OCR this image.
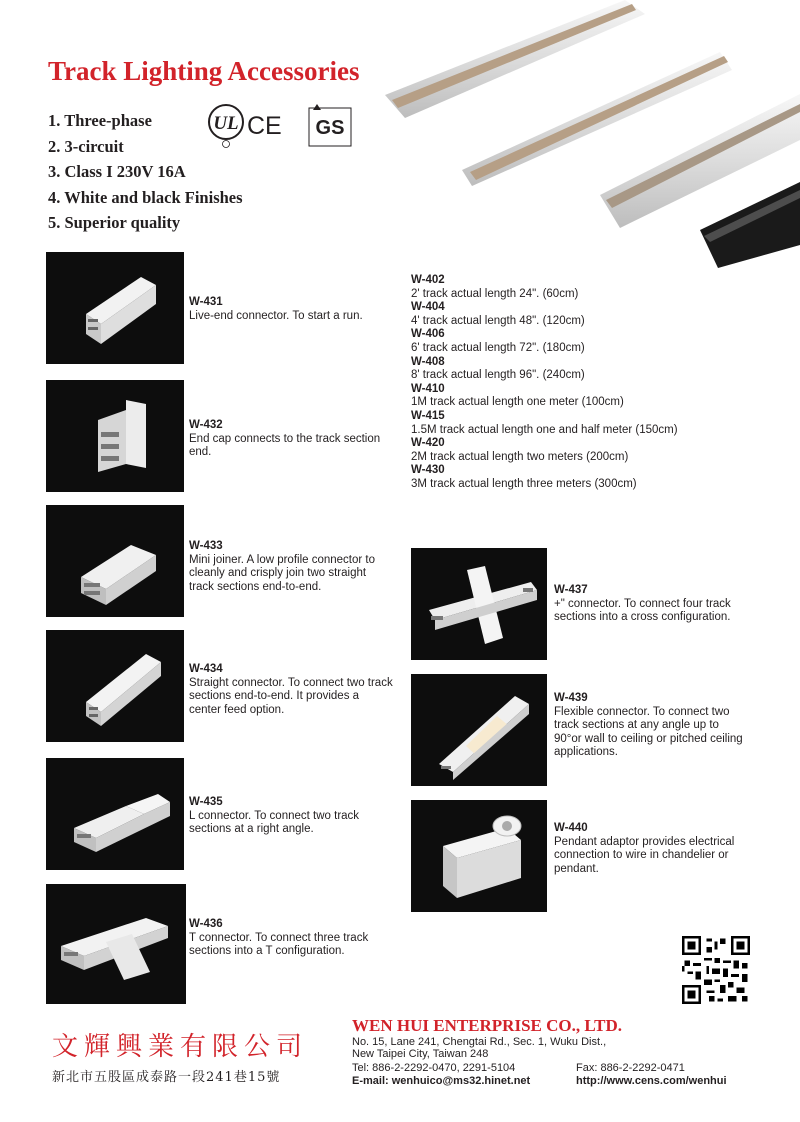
Track Lighting Accessories
1. Three-phase
2. 3-circuit
3. Class I 230V 16A
4. White and black Finishes
5. Superior quality
UL CE GS
W-431
Live-end connector. To start a run.
W-432
End cap connects to the track section end.
W-433
Mini joiner. A low profile connector to cleanly and crisply join two straight track sections end-to-end.
W-434
Straight connector. To connect two track sections end-to-end. It provides a center feed option.
W-435
L connector. To connect two track sections at a right angle.
W-436
T connector. To connect three track sections into a T configuration.
W-402
2' track actual length 24". (60cm)
W-404
4' track actual length 48". (120cm)
W-406
6' track actual length 72". (180cm)
W-408
8' track actual length 96". (240cm)
W-410
1M track actual length one meter (100cm)
W-415
1.5M track actual length one and half meter (150cm)
W-420
2M track actual length two meters (200cm)
W-430
3M track actual length three meters (300cm)
W-437
+" connector. To connect four track sections into a cross configuration.
W-439
Flexible connector. To connect two track sections at any angle up to 90°or wall to ceiling or pitched ceiling applications.
W-440
Pendant adaptor provides electrical connection to wire in chandelier or pendant.
文輝興業有限公司
新北市五股區成泰路一段241巷15號
WEN HUI ENTERPRISE CO., LTD.
No. 15, Lane 241, Chengtai Rd., Sec. 1, Wuku Dist.,
New Taipei City, Taiwan 248
Tel: 886-2-2292-0470, 2291-5104	Fax: 886-2-2292-0471
E-mail: wenhuico@ms32.hinet.net	http://www.cens.com/wenhui
